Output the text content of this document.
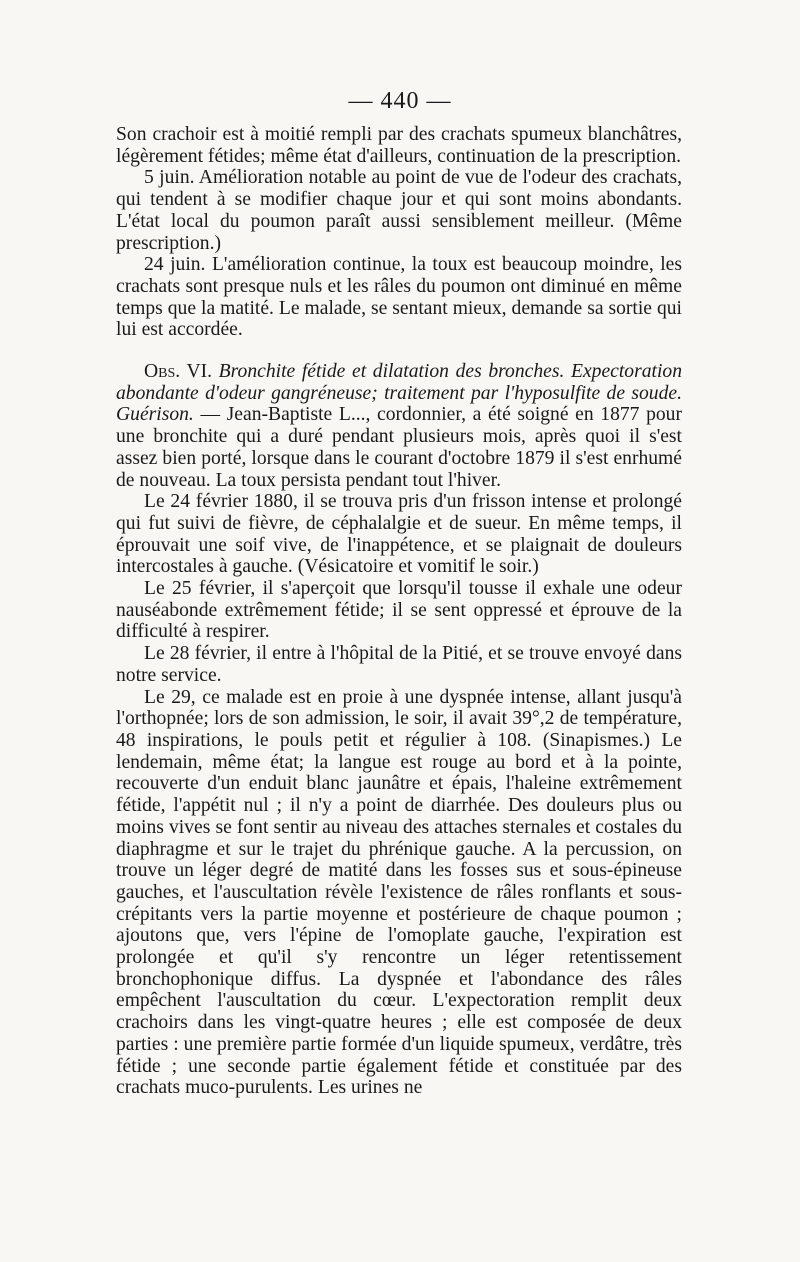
— 440 —

Son crachoir est à moitié rempli par des crachats spumeux blanchâtres, légèrement fétides; même état d'ailleurs, continuation de la prescription.

5 juin. Amélioration notable au point de vue de l'odeur des crachats, qui tendent à se modifier chaque jour et qui sont moins abondants. L'état local du poumon paraît aussi sensiblement meilleur. (Même prescription.)

24 juin. L'amélioration continue, la toux est beaucoup moindre, les crachats sont presque nuls et les râles du poumon ont diminué en même temps que la matité. Le malade, se sentant mieux, demande sa sortie qui lui est accordée.

Obs. VI. Bronchite fétide et dilatation des bronches. Expectoration abondante d'odeur gangréneuse; traitement par l'hyposulfite de soude. Guérison. — Jean-Baptiste L..., cordonnier, a été soigné en 1877 pour une bronchite qui a duré pendant plusieurs mois, après quoi il s'est assez bien porté, lorsque dans le courant d'octobre 1879 il s'est enrhumé de nouveau. La toux persista pendant tout l'hiver.

Le 24 février 1880, il se trouva pris d'un frisson intense et prolongé qui fut suivi de fièvre, de céphalalgie et de sueur. En même temps, il éprouvait une soif vive, de l'inappétence, et se plaignait de douleurs intercostales à gauche. (Vésicatoire et vomitif le soir.)

Le 25 février, il s'aperçoit que lorsqu'il tousse il exhale une odeur nauséabonde extrêmement fétide; il se sent oppressé et éprouve de la difficulté à respirer.

Le 28 février, il entre à l'hôpital de la Pitié, et se trouve envoyé dans notre service.

Le 29, ce malade est en proie à une dyspnée intense, allant jusqu'à l'orthopnée; lors de son admission, le soir, il avait 39°,2 de température, 48 inspirations, le pouls petit et régulier à 108. (Sinapismes.) Le lendemain, même état; la langue est rouge au bord et à la pointe, recouverte d'un enduit blanc jaunâtre et épais, l'haleine extrêmement fétide, l'appétit nul ; il n'y a point de diarrhée. Des douleurs plus ou moins vives se font sentir au niveau des attaches sternales et costales du diaphragme et sur le trajet du phrénique gauche. A la percussion, on trouve un léger degré de matité dans les fosses sus et sous-épineuse gauches, et l'auscultation révèle l'existence de râles ronflants et sous-crépitants vers la partie moyenne et postérieure de chaque poumon ; ajoutons que, vers l'épine de l'omoplate gauche, l'expiration est prolongée et qu'il s'y rencontre un léger retentissement bronchophonique diffus. La dyspnée et l'abondance des râles empêchent l'auscultation du cœur. L'expectoration remplit deux crachoirs dans les vingt-quatre heures ; elle est composée de deux parties : une première partie formée d'un liquide spumeux, verdâtre, très fétide ; une seconde partie également fétide et constituée par des crachats muco-purulents. Les urines ne
